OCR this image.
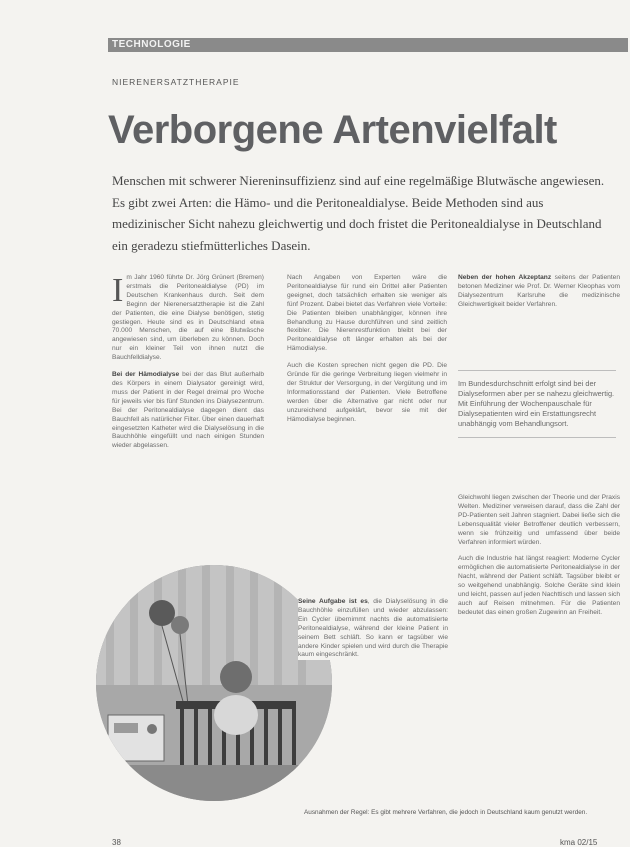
TECHNOLOGIE
NIERENERSATZTHERAPIE
Verborgene Artenvielfalt
Menschen mit schwerer Niereninsuffizienz sind auf eine regelmäßige Blutwäsche angewiesen. Es gibt zwei Arten: die Hämo- und die Peritonealdialyse. Beide Methoden sind aus medizinischer Sicht nahezu gleichwertig und doch fristet die Peritonealdialyse in Deutschland ein geradezu stiefmütterliches Dasein.

Im Jahr 1960 führte Dr. Jörg Grünert (Bremen) erstmals die Peritonealdialyse (PD) im Deutschen Krankenhaus durch. Seit dem Beginn der Nierenersatztherapie ist die Zahl der Patienten, die eine Dialyse benötigen, stetig gestiegen. Heute sind es in Deutschland etwa 70.000 Menschen, die auf eine Blutwäsche angewiesen sind, um überleben zu können. Doch nur ein kleiner Teil von ihnen nutzt die Bauchfelldialyse.

Bei der Hämodialyse bei der das Blut außerhalb des Körpers in einem Dialysator gereinigt wird, muss der Patient in der Regel dreimal pro Woche für jeweils vier bis fünf Stunden ins Dialysezentrum. Bei der Peritonealdialyse dagegen dient das Bauchfell als natürlicher Filter. Über einen dauerhaft eingesetzten Katheter wird die Dialyselösung in die Bauchhöhle eingefüllt und nach einigen Stunden wieder abgelassen.

Nach Angaben von Experten wäre die Peritonealdialyse für rund ein Drittel aller Patienten geeignet, doch tatsächlich erhalten sie weniger als fünf Prozent. Dabei bietet das Verfahren viele Vorteile: Die Patienten bleiben unabhängiger, können ihre Behandlung zu Hause durchführen und sind zeitlich flexibler. Die Nierenrestfunktion bleibt bei der Peritonealdialyse oft länger erhalten als bei der Hämodialyse.

Auch die Kosten sprechen nicht gegen die PD. Die Gründe für die geringe Verbreitung liegen vielmehr in der Struktur der Versorgung, in der Vergütung und im Informationsstand der Patienten. Viele Betroffene werden über die Alternative gar nicht oder nur unzureichend aufgeklärt, bevor sie mit der Hämodialyse beginnen.

Neben der hohen Akzeptanz seitens der Patienten betonen Mediziner wie Prof. Dr. Werner Kleophas vom Dialysezentrum Karlsruhe die medizinische Gleichwertigkeit beider Verfahren.

Im Bundesdurchschnitt erfolgt sind bei der Dialyseformen aber per se nahezu gleichwertig. Mit Einführung der Wochenpauschale für Dialysepatienten wird ein Erstattungsrecht unabhängig vom Behandlungsort.

Gleichwohl liegen zwischen der Theorie und der Praxis Welten. Mediziner verweisen darauf, dass die Zahl der PD-Patienten seit Jahren stagniert. Dabei ließe sich die Lebensqualität vieler Betroffener deutlich verbessern, wenn sie frühzeitig und umfassend über beide Verfahren informiert würden.

Auch die Industrie hat längst reagiert: Moderne Cycler ermöglichen die automatisierte Peritonealdialyse in der Nacht, während der Patient schläft. Tagsüber bleibt er so weitgehend unabhängig. Solche Geräte sind klein und leicht, passen auf jeden Nachttisch und lassen sich auch auf Reisen mitnehmen. Für die Patienten bedeutet das einen großen Zugewinn an Freiheit.

Seine Aufgabe ist es, die Dialyselösung in die Bauchhöhle einzufüllen und wieder abzulassen: Ein Cycler übernimmt nachts die automatisierte Peritonealdialyse, während der kleine Patient in seinem Bett schläft. So kann er tagsüber wie andere Kinder spielen und wird durch die Therapie kaum eingeschränkt.
Ausnahmen der Regel: Es gibt mehrere Verfahren, die jedoch in Deutschland kaum genutzt werden.
38	kma 02/15
